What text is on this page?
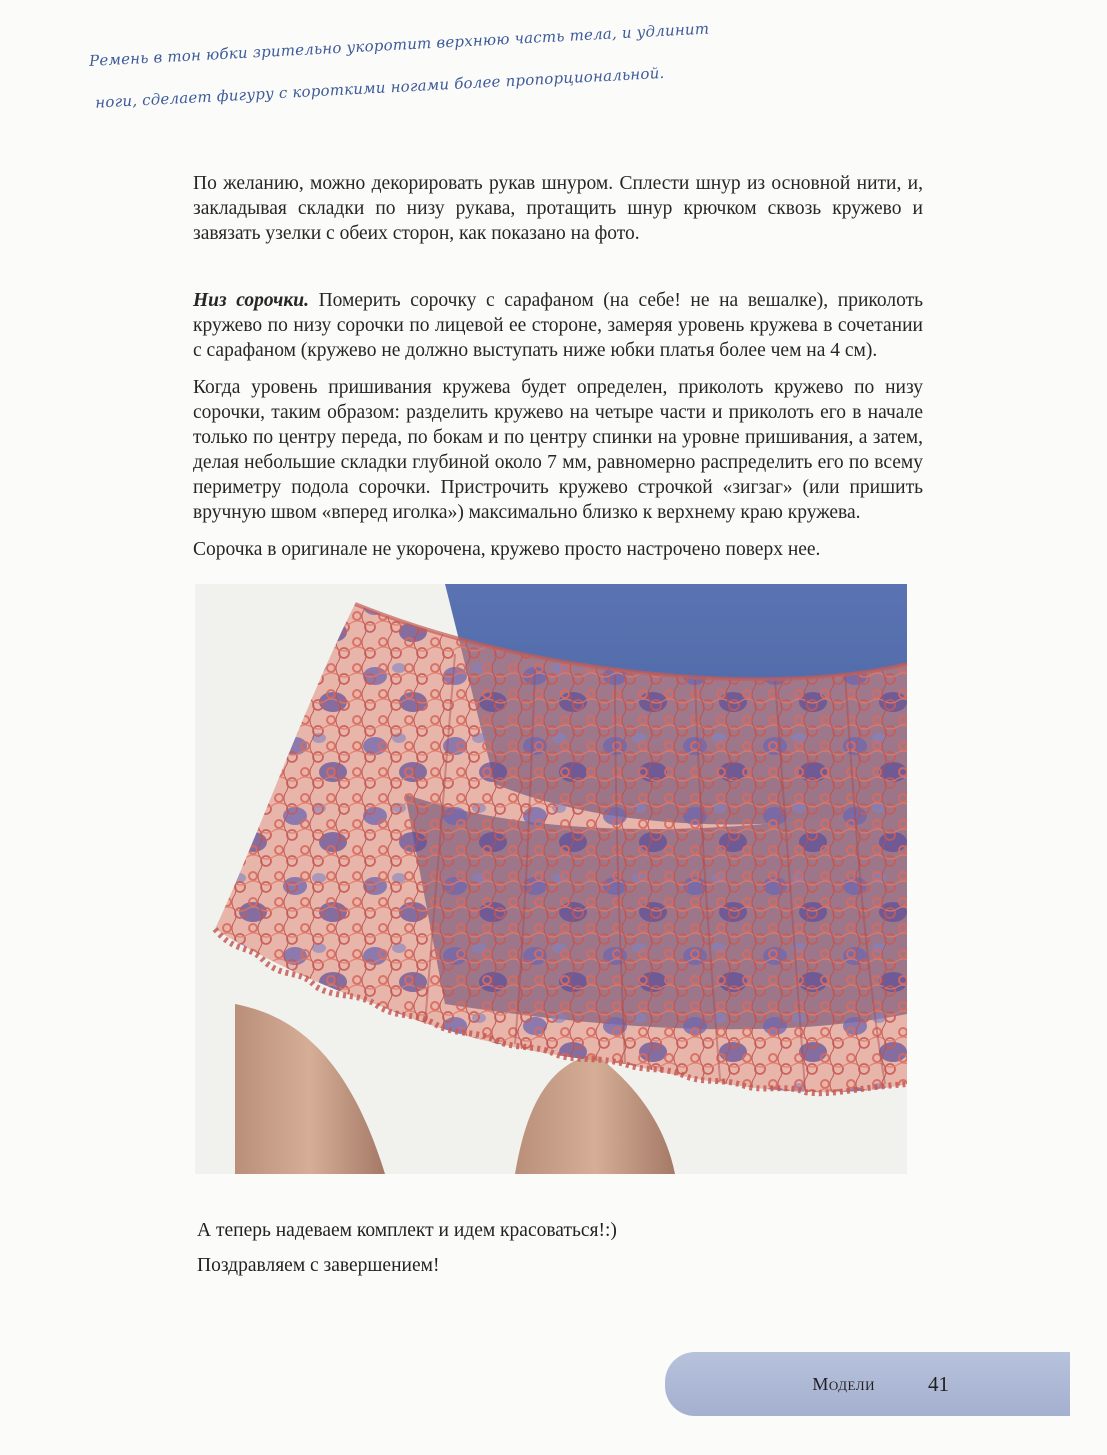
Ремень в тон юбки зрительно укоротит верхнюю часть тела, и удлинит
ноги, сделает фигуру с короткими ногами более пропорциональной.

По желанию, можно декорировать рукав шнуром. Сплести шнур из основной нити, и, закладывая складки по низу рукава, протащить шнур крючком сквозь кружево и завязать узелки с обеих сторон, как показано на фото.

Низ сорочки. Померить сорочку с сарафаном (на себе! не на вешалке), приколоть кружево по низу сорочки по лицевой ее стороне, замеряя уровень кружева в сочетании с сарафаном (кружево не должно выступать ниже юбки платья более чем на 4 см).

Когда уровень пришивания кружева будет определен, приколоть кружево по низу сорочки, таким образом: разделить кружево на четыре части и приколоть его в начале только по центру переда, по бокам и по центру спинки на уровне пришивания, а затем, делая небольшие складки глубиной около 7 мм, равномерно распределить его по всему периметру подола сорочки. Пристрочить кружево строчкой «зигзаг» (или пришить вручную швом «вперед иголка») максимально близко к верхнему краю кружева.

Сорочка в оригинале не укорочена, кружево просто настрочено поверх нее.

А теперь надеваем комплект и идем красоваться!:)
Поздравляем с завершением!
Модели	41
